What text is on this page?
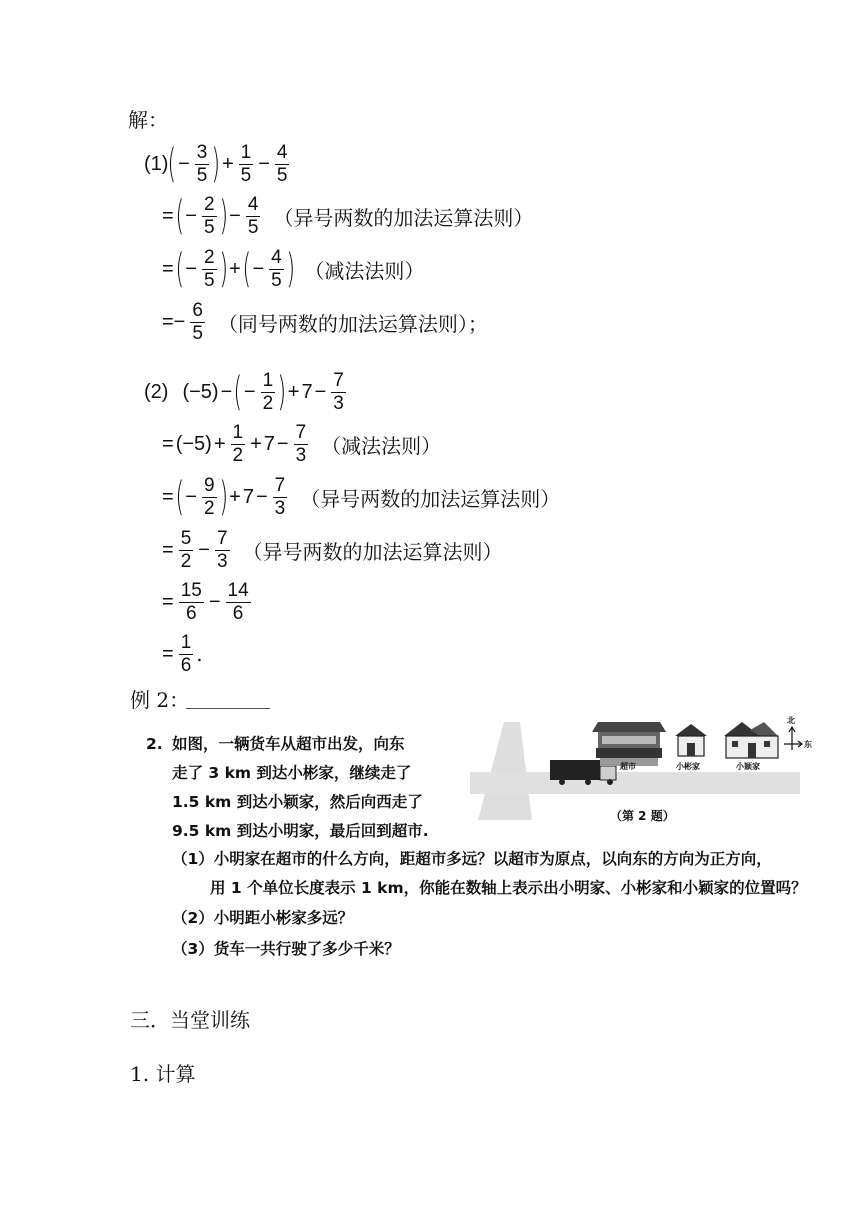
解：
(1) ( − $\frac{3}{5}$ ) + $\frac{1}{5} - \frac{4}{5}$
= ( − $\frac{2}{5}$ ) − $\frac{4}{5}$ （异号两数的加法运算法则）
= ( − $\frac{2}{5}$ ) + ( − $\frac{4}{5}$ ) （减法法则）
=− $\frac{6}{5}$ （同号两数的加法运算法则）；
(2) (−5) − ( − $\frac{1}{2}$ ) + $7 - \frac{7}{3}$
= $(-5) + \frac{1}{2} + 7 - \frac{7}{3}$ （减法法则）
= ( − $\frac{9}{2}$ ) + $7 - \frac{7}{3}$ （异号两数的加法运算法则）
= $\frac{5}{2} - \frac{7}{3}$ （异号两数的加法运算法则）
= $\frac{15}{6} - \frac{14}{6}$
= $\frac{1}{6}$ .
例 2：
2. 如图，一辆货车从超市出发，向东
走了 3 km 到达小彬家，继续走了
1.5 km 到达小颖家，然后向西走了
9.5 km 到达小明家，最后回到超市.
（1）小明家在超市的什么方向，距超市多远？以超市为原点，以向东的方向为正方向，
用 1 个单位长度表示 1 km，你能在数轴上表示出小明家、小彬家和小颖家的位置吗？
（2）小明距小彬家多远？
（3）货车一共行驶了多少千米？
超市	小彬家	小颖家
北
东
（第 2 题）
三．当堂训练
1. 计算
